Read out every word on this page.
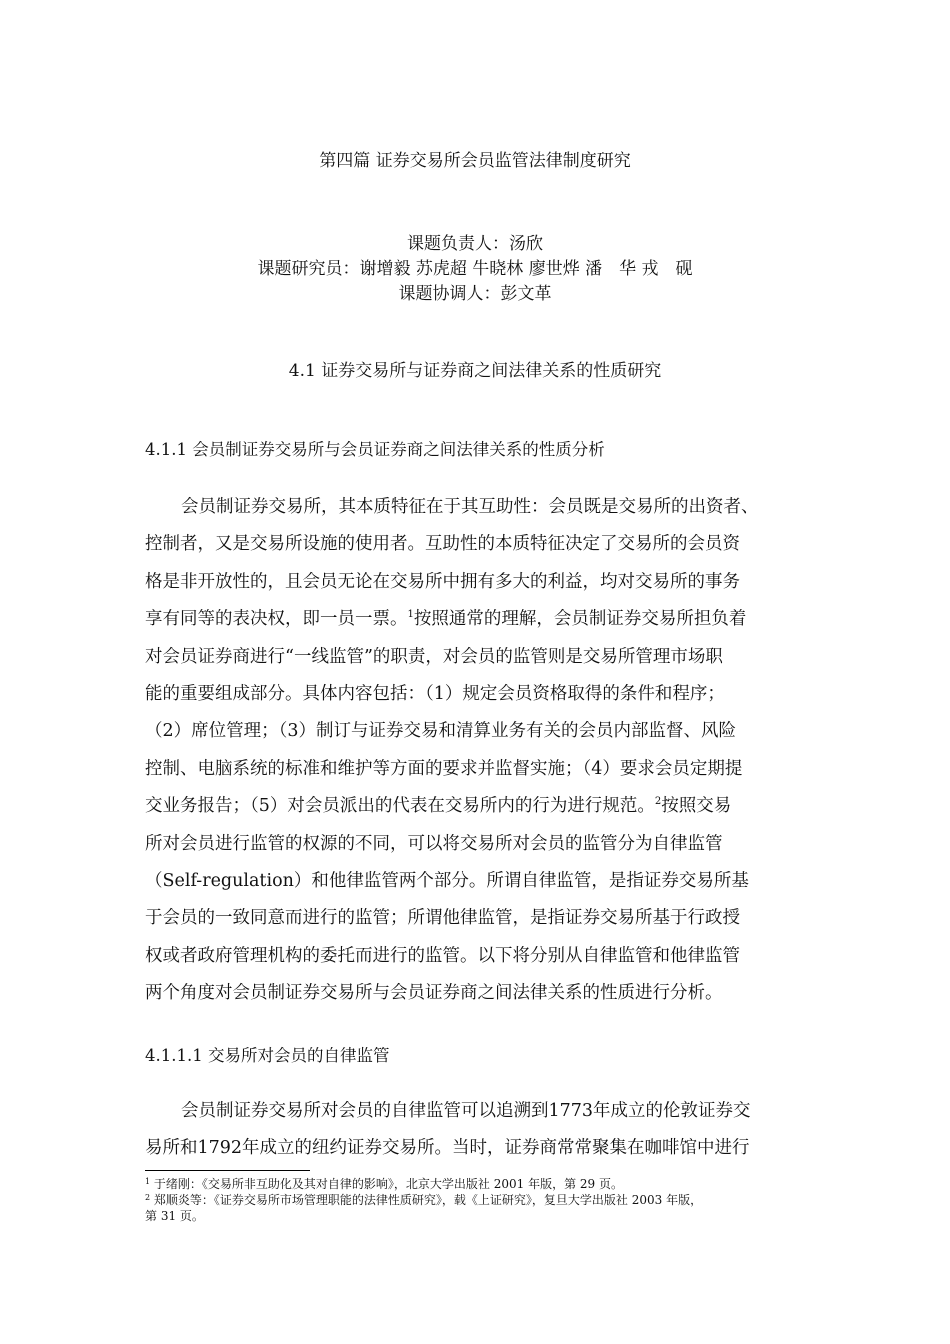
第四篇 证券交易所会员监管法律制度研究
课题负责人：汤欣
课题研究员：谢增毅 苏虎超 牛晓林 廖世烨 潘　华 戎　砚
课题协调人：彭文革
4.1 证券交易所与证券商之间法律关系的性质研究
4.1.1 会员制证券交易所与会员证券商之间法律关系的性质分析
会员制证券交易所，其本质特征在于其互助性：会员既是交易所的出资者、
控制者，又是交易所设施的使用者。互助性的本质特征决定了交易所的会员资
格是非开放性的，且会员无论在交易所中拥有多大的利益，均对交易所的事务
享有同等的表决权，即一员一票。$^1$按照通常的理解，会员制证券交易所担负着
对会员证券商进行“一线监管”的职责，对会员的监管则是交易所管理市场职
能的重要组成部分。具体内容包括：（1）规定会员资格取得的条件和程序；
（2）席位管理；（3）制订与证券交易和清算业务有关的会员内部监督、风险
控制、电脑系统的标准和维护等方面的要求并监督实施；（4）要求会员定期提
交业务报告；（5）对会员派出的代表在交易所内的行为进行规范。$^2$按照交易
所对会员进行监管的权源的不同，可以将交易所对会员的监管分为自律监管
（Self-regulation）和他律监管两个部分。所谓自律监管，是指证券交易所基
于会员的一致同意而进行的监管；所谓他律监管，是指证券交易所基于行政授
权或者政府管理机构的委托而进行的监管。以下将分别从自律监管和他律监管
两个角度对会员制证券交易所与会员证券商之间法律关系的性质进行分析。
4.1.1.1 交易所对会员的自律监管
会员制证券交易所对会员的自律监管可以追溯到1773年成立的伦敦证券交
易所和1792年成立的纽约证券交易所。当时，证券商常常聚集在咖啡馆中进行
$^1$ 于绪刚：《交易所非互助化及其对自律的影响》，北京大学出版社 2001 年版，第 29 页。
$^2$ 郑顺炎等：《证券交易所市场管理职能的法律性质研究》，载《上证研究》，复旦大学出版社 2003 年版，
第 31 页。
